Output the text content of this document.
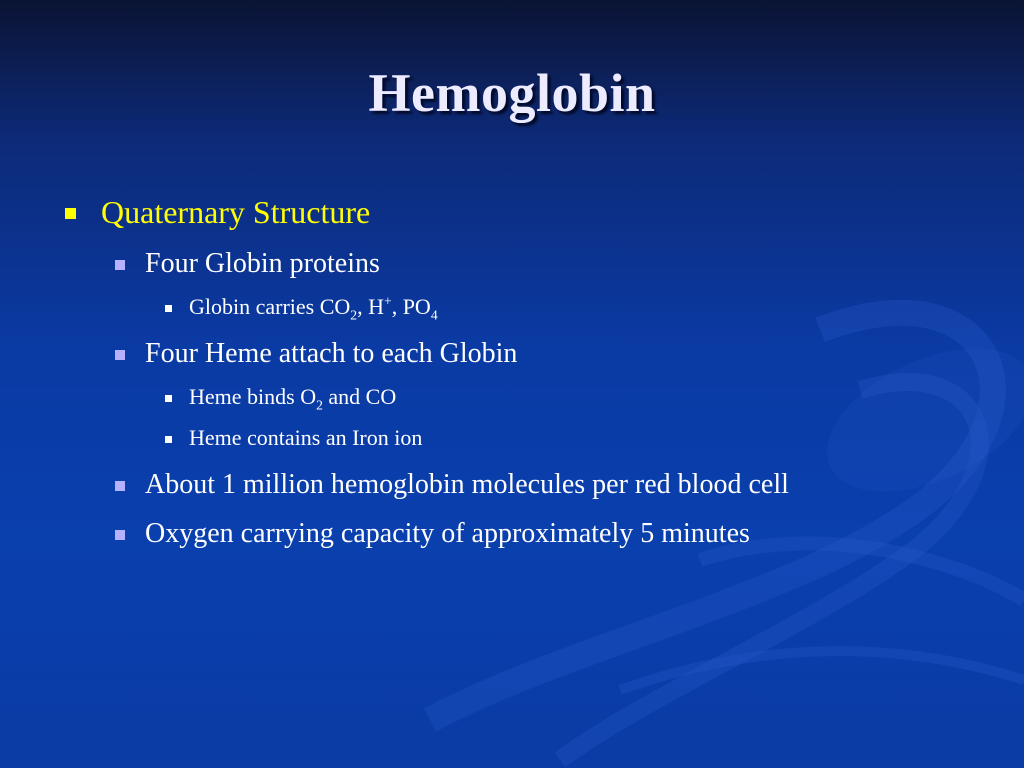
Hemoglobin
Quaternary Structure
Four Globin proteins
Globin carries $CO_2$, H+, $PO_4$
Four Heme attach to each Globin
Heme binds $O_2$ and CO
Heme contains an Iron ion
About 1 million hemoglobin molecules per red blood cell
Oxygen carrying capacity of approximately 5 minutes
